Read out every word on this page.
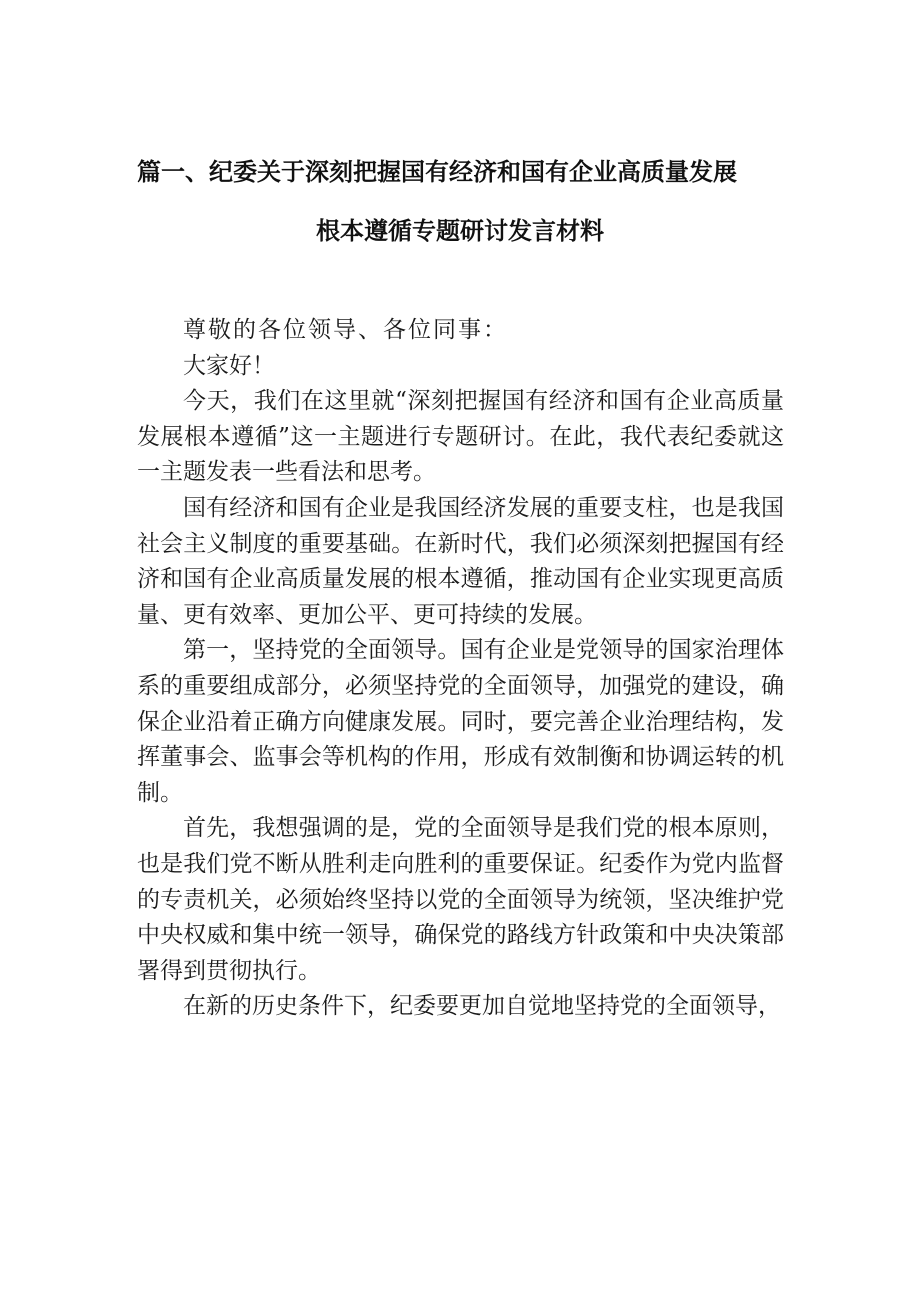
篇一、纪委关于深刻把握国有经济和国有企业高质量发展
根本遵循专题研讨发言材料

尊敬的各位领导、各位同事：

大家好！

今天，我们在这里就“深刻把握国有经济和国有企业高质量发展根本遵循”这一主题进行专题研讨。在此，我代表纪委就这一主题发表一些看法和思考。

国有经济和国有企业是我国经济发展的重要支柱，也是我国社会主义制度的重要基础。在新时代，我们必须深刻把握国有经济和国有企业高质量发展的根本遵循，推动国有企业实现更高质量、更有效率、更加公平、更可持续的发展。

第一，坚持党的全面领导。国有企业是党领导的国家治理体系的重要组成部分，必须坚持党的全面领导，加强党的建设，确保企业沿着正确方向健康发展。同时，要完善企业治理结构，发挥董事会、监事会等机构的作用，形成有效制衡和协调运转的机制。

首先，我想强调的是，党的全面领导是我们党的根本原则，也是我们党不断从胜利走向胜利的重要保证。纪委作为党内监督的专责机关，必须始终坚持以党的全面领导为统领，坚决维护党中央权威和集中统一领导，确保党的路线方针政策和中央决策部署得到贯彻执行。

在新的历史条件下，纪委要更加自觉地坚持党的全面领导，
